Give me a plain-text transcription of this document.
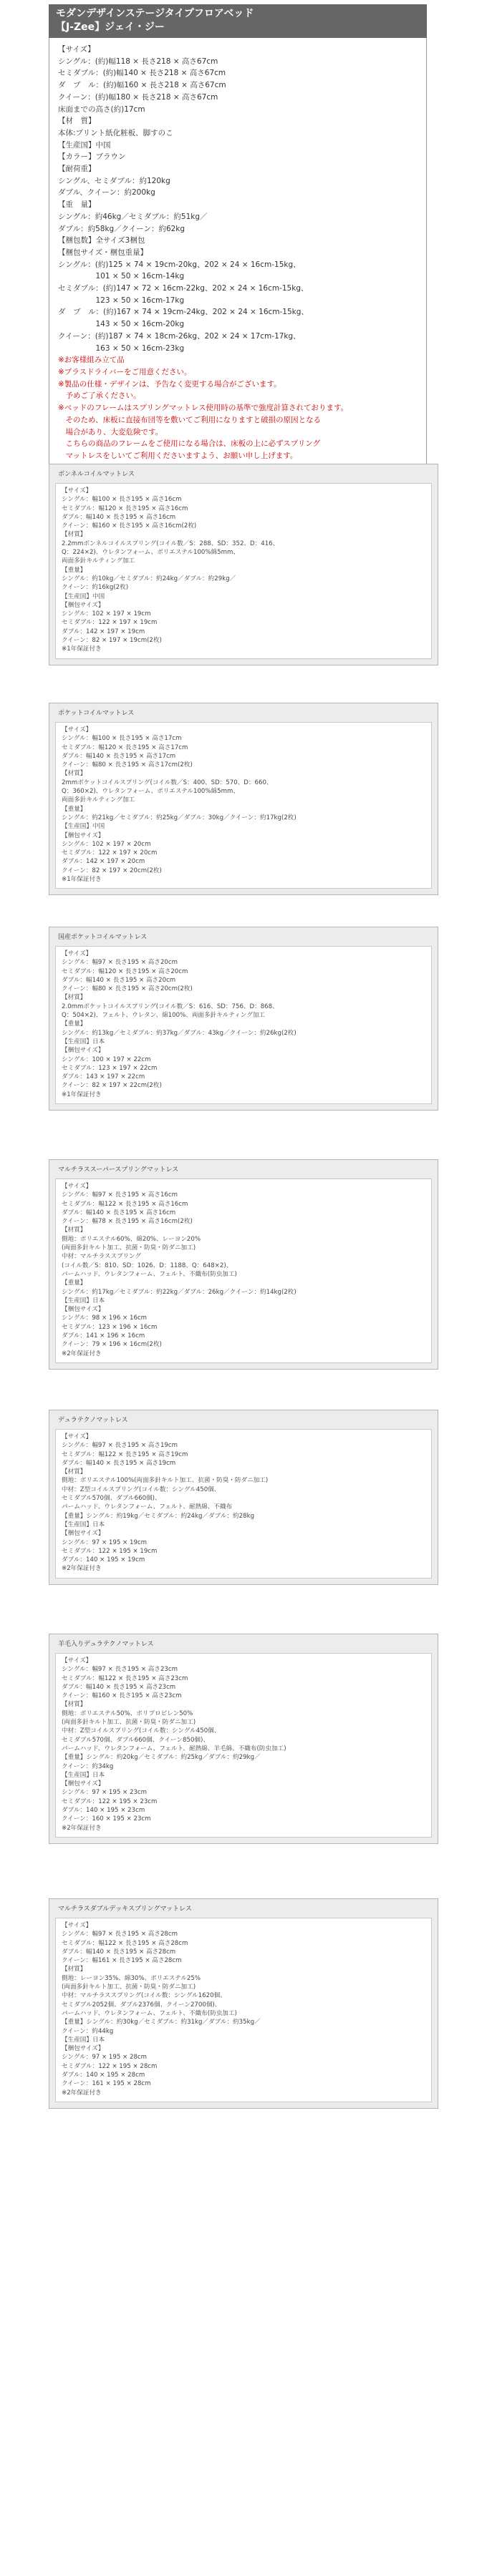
モダンデザインステージタイプフロアベッド
【J-Zee】ジェイ・ジー
【サイズ】
シングル：(約)幅118 × 長さ218 × 高さ67cm
セミダブル：(約)幅140 × 長さ218 × 高さ67cm
ダ　ブ　ル：(約)幅160 × 長さ218 × 高さ67cm
クイーン：(約)幅180 × 長さ218 × 高さ67cm
床面までの高さ(約)17cm
【材　質】
本体:プリント紙化粧板、脚すのこ
【生産国】中国
【カラー】ブラウン
【耐荷重】
シングル、セミダブル：約120kg
ダブル、クイーン：約200kg
【重　量】
シングル：約46kg／セミダブル：約51kg／
ダブル：約58kg／クイーン：約62kg
【梱包数】全サイズ3梱包
【梱包サイズ・梱包重量】
シングル：(約)125 × 74 × 19cm-20kg、202 × 24 × 16cm-15kg、
　　　　　101 × 50 × 16cm-14kg
セミダブル：(約)147 × 72 × 16cm-22kg、202 × 24 × 16cm-15kg、
　　　　　123 × 50 × 16cm-17kg
ダ　ブ　ル：(約)167 × 74 × 19cm-24kg、202 × 24 × 16cm-15kg、
　　　　　143 × 50 × 16cm-20kg
クイーン：(約)187 × 74 × 18cm-26kg、202 × 24 × 17cm-17kg、
　　　　　163 × 50 × 16cm-23kg
※お客様組み立て品
※プラスドライバーをご用意ください。
※製品の仕様・デザインは、予告なく変更する場合がございます。
　予めご了承ください。
※ベッドのフレームはスプリングマットレス使用時の基準で強度計算されております。
　そのため、床板に直接布団等を敷いてご利用になりますと破損の原因となる
　場合があり、大変危険です。
　こちらの商品のフレームをご使用になる場合は、床板の上に必ずスプリング
　マットレスをしいてご利用くださいますよう、お願い申し上げます。
ボンネルコイルマットレス
【サイズ】
シングル：幅100 × 長さ195 × 高さ16cm
セミダブル：幅120 × 長さ195 × 高さ16cm
ダブル：幅140 × 長さ195 × 高さ16cm
クイーン：幅160 × 長さ195 × 高さ16cm(2枚)
【材質】
2.2mmボンネルコイルスプリング(コイル数／S：288、SD：352、D：416、
Q：224×2)、ウレタンフォーム、ポリエステル100%綿5mm、
両面多針キルティング加工
【重量】
シングル：約10kg／セミダブル：約24kg／ダブル：約29kg／
クイーン：約16kg(2枚)
【生産国】中国
【梱包サイズ】
シングル：102 × 197 × 19cm
セミダブル：122 × 197 × 19cm
ダブル：142 × 197 × 19cm
クイーン：82 × 197 × 19cm(2枚)
※1年保証付き
ポケットコイルマットレス
【サイズ】
シングル：幅100 × 長さ195 × 高さ17cm
セミダブル：幅120 × 長さ195 × 高さ17cm
ダブル：幅140 × 長さ195 × 高さ17cm
クイーン：幅80 × 長さ195 × 高さ17cm(2枚)
【材質】
2mmポケットコイルスプリング(コイル数／S：400、SD：570、D：660、
Q：360×2)、ウレタンフォーム、ポリエステル100%綿5mm、
両面多針キルティング加工
【重量】
シングル：約21kg／セミダブル：約25kg／ダブル：30kg／クイーン：約17kg(2枚)
【生産国】中国
【梱包サイズ】
シングル：102 × 197 × 20cm
セミダブル：122 × 197 × 20cm
ダブル：142 × 197 × 20cm
クイーン：82 × 197 × 20cm(2枚)
※1年保証付き
国産ポケットコイルマットレス
【サイズ】
シングル：幅97 × 長さ195 × 高さ20cm
セミダブル：幅120 × 長さ195 × 高さ20cm
ダブル：幅140 × 長さ195 × 高さ20cm
クイーン：幅80 × 長さ195 × 高さ20cm(2枚)
【材質】
2.0mmポケットコイルスプリング(コイル数／S：616、SD：756、D：868、
Q：504×2)、フェルト、ウレタン、綿100%、両面多針キルティング加工
【重量】
シングル：約13kg／セミダブル：約37kg／ダブル：43kg／クイーン：約26kg(2枚)
【生産国】日本
【梱包サイズ】
シングル：100 × 197 × 22cm
セミダブル：123 × 197 × 22cm
ダブル：143 × 197 × 22cm
クイーン：82 × 197 × 22cm(2枚)
※1年保証付き
マルチラススーパースプリングマットレス
【サイズ】
シングル：幅97 × 長さ195 × 高さ16cm
セミダブル：幅122 × 長さ195 × 高さ16cm
ダブル：幅140 × 長さ195 × 高さ16cm
クイーン：幅78 × 長さ195 × 高さ16cm(2枚)
【材質】
側地：ポリエステル60%、綿20%、レーヨン20%
(両面多針キルト加工、抗菌・防臭・防ダニ加工)
中材：マルチラススプリング
(コイル数／S：810、SD：1026、D：1188、Q：648×2)、
パームハッド、ウレタンフォーム、フェルト、不織布(防虫加工)
【重量】
シングル：約17kg／セミダブル：約22kg／ダブル：26kg／クイーン：約14kg(2枚)
【生産国】日本
【梱包サイズ】
シングル：98 × 196 × 16cm
セミダブル：123 × 196 × 16cm
ダブル：141 × 196 × 16cm
クイーン：79 × 196 × 16cm(2枚)
※2年保証付き
デュラテクノマットレス
【サイズ】
シングル：幅97 × 長さ195 × 高さ19cm
セミダブル：幅122 × 長さ195 × 高さ19cm
ダブル：幅140 × 長さ195 × 高さ19cm
【材質】
側地：ポリエステル100%(両面多針キルト加工、抗菌・防臭・防ダニ加工)
中材：Z型コイルスプリング(コイル数：シングル450個、
セミダブル570個、ダブル660個)、
パームハッド、ウレタンフォーム、フェルト、耐熱綿、不織布
【重量】シングル：約19kg／セミダブル：約24kg／ダブル：約28kg
【生産国】日本
【梱包サイズ】
シングル：97 × 195 × 19cm
セミダブル：122 × 195 × 19cm
ダブル：140 × 195 × 19cm
※2年保証付き
羊毛入りデュラテクノマットレス
【サイズ】
シングル：幅97 × 長さ195 × 高さ23cm
セミダブル：幅122 × 長さ195 × 高さ23cm
ダブル：幅140 × 長さ195 × 高さ23cm
クイーン：幅160 × 長さ195 × 高さ23cm
【材質】
側地：ポリエステル50%、ポリプロピレン50%
(両面多針キルト加工、抗菌・防臭・防ダニ加工)
中材：Z型コイルスプリング(コイル数：シングル450個、
セミダブル570個、ダブル660個、クイーン850個)、
パームハッド、ウレタンフォーム、フェルト、耐熱綿、羊毛綿、不織布(防虫加工)
【重量】シングル：約20kg／セミダブル：約25kg／ダブル：約29kg／
クイーン：約34kg
【生産国】日本
【梱包サイズ】
シングル：97 × 195 × 23cm
セミダブル：122 × 195 × 23cm
ダブル：140 × 195 × 23cm
クイーン：160 × 195 × 23cm
※2年保証付き
マルチラスダブルデッキスプリングマットレス
【サイズ】
シングル：幅97 × 長さ195 × 高さ28cm
セミダブル：幅122 × 長さ195 × 高さ28cm
ダブル：幅140 × 長さ195 × 高さ28cm
クイーン：幅161 × 長さ195 × 高さ28cm
【材質】
側地：レーヨン35%、綿30%、ポリエステル25%
(両面多針キルト加工、抗菌・防臭・防ダニ加工)
中材：マルチラススプリング(コイル数：シングル1620個、
セミダブル2052個、ダブル2376個、クイーン2700個)、
パームハッド、ウレタンフォーム、フェルト、不織布(防虫加工)
【重量】シングル：約30kg／セミダブル：約31kg／ダブル：約35kg／
クイーン：約44kg
【生産国】日本
【梱包サイズ】
シングル：97 × 195 × 28cm
セミダブル：122 × 195 × 28cm
ダブル：140 × 195 × 28cm
クイーン：161 × 195 × 28cm
※2年保証付き
